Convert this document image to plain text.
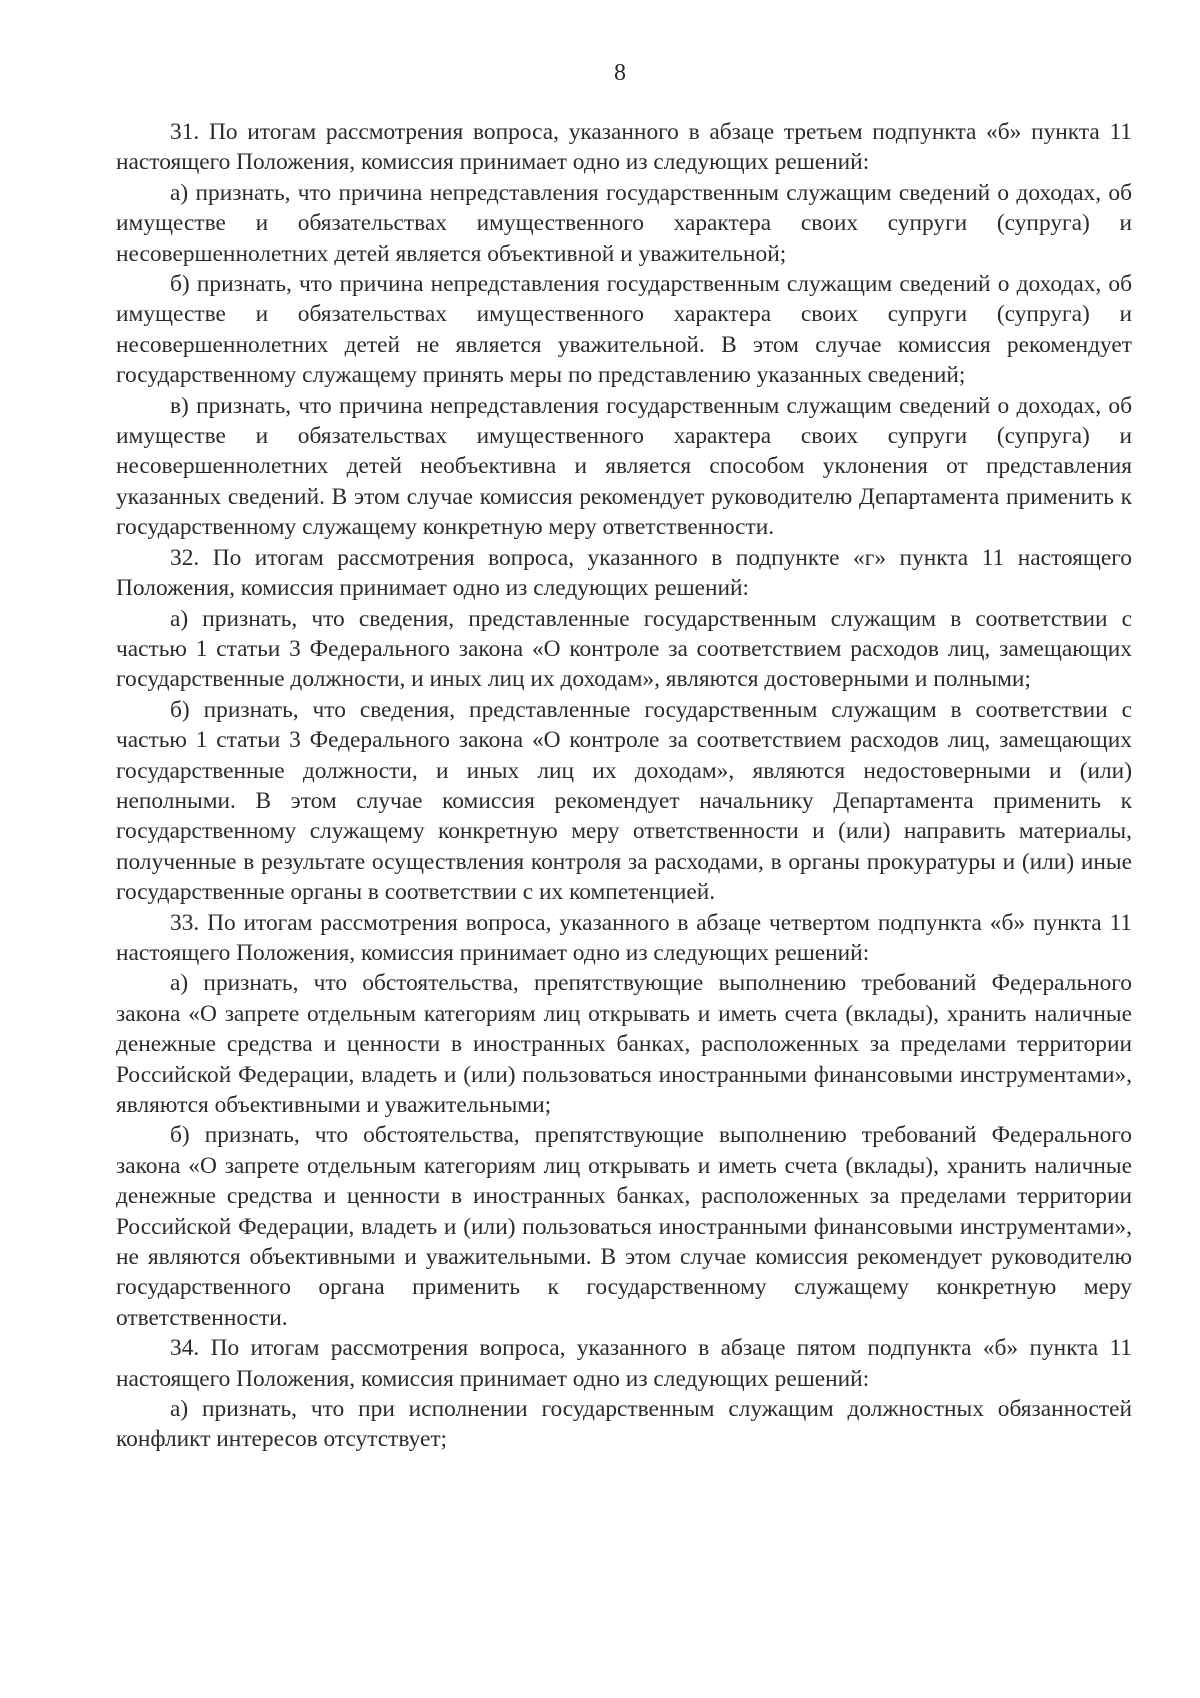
8

31. По итогам рассмотрения вопроса, указанного в абзаце третьем подпункта «б» пункта 11 настоящего Положения, комиссия принимает одно из следующих решений:

а) признать, что причина непредставления государственным служащим сведений о доходах, об имуществе и обязательствах имущественного характера своих супруги (супруга) и несовершеннолетних детей является объективной и уважительной;

б) признать, что причина непредставления государственным служащим сведений о доходах, об имуществе и обязательствах имущественного характера своих супруги (супруга) и несовершеннолетних детей не является уважительной. В этом случае комиссия рекомендует государственному служащему принять меры по представлению указанных сведений;

в) признать, что причина непредставления государственным служащим сведений о доходах, об имуществе и обязательствах имущественного характера своих супруги (супруга) и несовершеннолетних детей необъективна и является способом уклонения от представления указанных сведений. В этом случае комиссия рекомендует руководителю Департамента применить к государственному служащему конкретную меру ответственности.

32. По итогам рассмотрения вопроса, указанного в подпункте «г» пункта 11 настоящего Положения, комиссия принимает одно из следующих решений:

а) признать, что сведения, представленные государственным служащим в соответствии с частью 1 статьи 3 Федерального закона «О контроле за соответствием расходов лиц, замещающих государственные должности, и иных лиц их доходам», являются достоверными и полными;

б) признать, что сведения, представленные государственным служащим в соответствии с частью 1 статьи 3 Федерального закона «О контроле за соответствием расходов лиц, замещающих государственные должности, и иных лиц их доходам», являются недостоверными и (или) неполными. В этом случае комиссия рекомендует начальнику Департамента применить к государственному служащему конкретную меру ответственности и (или) направить материалы, полученные в результате осуществления контроля за расходами, в органы прокуратуры и (или) иные государственные органы в соответствии с их компетенцией.

33. По итогам рассмотрения вопроса, указанного в абзаце четвертом подпункта «б» пункта 11 настоящего Положения, комиссия принимает одно из следующих решений:

а) признать, что обстоятельства, препятствующие выполнению требований Федерального закона «О запрете отдельным категориям лиц открывать и иметь счета (вклады), хранить наличные денежные средства и ценности в иностранных банках, расположенных за пределами территории Российской Федерации, владеть и (или) пользоваться иностранными финансовыми инструментами», являются объективными и уважительными;

б) признать, что обстоятельства, препятствующие выполнению требований Федерального закона «О запрете отдельным категориям лиц открывать и иметь счета (вклады), хранить наличные денежные средства и ценности в иностранных банках, расположенных за пределами территории Российской Федерации, владеть и (или) пользоваться иностранными финансовыми инструментами», не являются объективными и уважительными. В этом случае комиссия рекомендует руководителю государственного органа применить к государственному служащему конкретную меру ответственности.

34. По итогам рассмотрения вопроса, указанного в абзаце пятом подпункта «б» пункта 11 настоящего Положения, комиссия принимает одно из следующих решений:

а) признать, что при исполнении государственным служащим должностных обязанностей конфликт интересов отсутствует;
